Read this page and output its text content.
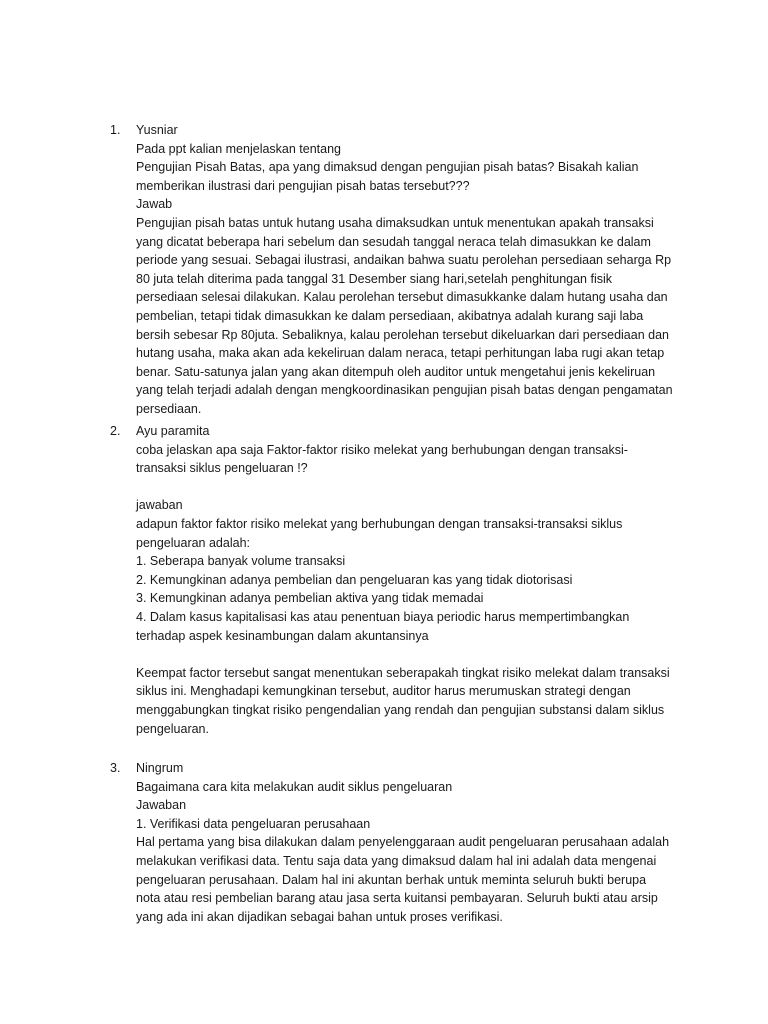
1. Yusniar
Pada ppt kalian menjelaskan tentang
Pengujian Pisah Batas, apa yang dimaksud dengan pengujian pisah batas? Bisakah kalian
memberikan ilustrasi dari pengujian pisah batas tersebut???
Jawab
Pengujian pisah batas untuk hutang usaha dimaksudkan untuk menentukan apakah transaksi
yang dicatat beberapa hari sebelum dan sesudah tanggal neraca telah dimasukkan ke dalam
periode yang sesuai. Sebagai ilustrasi, andaikan bahwa suatu perolehan persediaan seharga Rp
80 juta telah diterima pada tanggal 31 Desember siang hari,setelah penghitungan fisik
persediaan selesai dilakukan. Kalau perolehan tersebut dimasukkanke dalam hutang usaha dan
pembelian, tetapi tidak dimasukkan ke dalam persediaan, akibatnya adalah kurang saji laba
bersih sebesar Rp 80juta. Sebaliknya, kalau perolehan tersebut dikeluarkan dari persediaan dan
hutang usaha, maka akan ada kekeliruan dalam neraca, tetapi perhitungan laba rugi akan tetap
benar. Satu-satunya jalan yang akan ditempuh oleh auditor untuk mengetahui jenis kekeliruan
yang telah terjadi adalah dengan mengkoordinasikan pengujian pisah batas dengan pengamatan
persediaan.
2. Ayu paramita
coba jelaskan apa saja Faktor-faktor risiko melekat yang berhubungan dengan transaksi-
transaksi siklus pengeluaran !?
jawaban
adapun faktor faktor risiko melekat yang berhubungan dengan transaksi-transaksi siklus
pengeluaran adalah:
1. Seberapa banyak volume transaksi
2. Kemungkinan adanya pembelian dan pengeluaran kas yang tidak diotorisasi
3. Kemungkinan adanya pembelian aktiva yang tidak memadai
4. Dalam kasus kapitalisasi kas atau penentuan biaya periodic harus mempertimbangkan
terhadap aspek kesinambungan dalam akuntansinya
Keempat factor tersebut sangat menentukan seberapakah tingkat risiko melekat dalam transaksi
siklus ini. Menghadapi kemungkinan tersebut, auditor harus merumuskan strategi dengan
menggabungkan tingkat risiko pengendalian yang rendah dan pengujian substansi dalam siklus
pengeluaran.
3. Ningrum
Bagaimana cara kita melakukan audit siklus pengeluaran
Jawaban
1. Verifikasi data pengeluaran perusahaan
Hal pertama yang bisa dilakukan dalam penyelenggaraan audit pengeluaran perusahaan adalah
melakukan verifikasi data. Tentu saja data yang dimaksud dalam hal ini adalah data mengenai
pengeluaran perusahaan. Dalam hal ini akuntan berhak untuk meminta seluruh bukti berupa
nota atau resi pembelian barang atau jasa serta kuitansi pembayaran. Seluruh bukti atau arsip
yang ada ini akan dijadikan sebagai bahan untuk proses verifikasi.
